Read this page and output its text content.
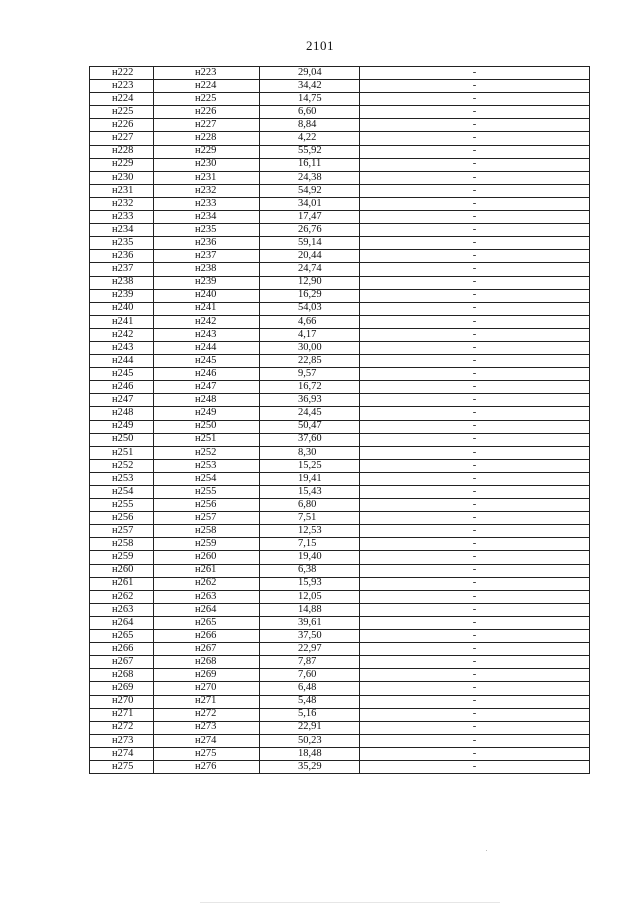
2101
н222	н223	29,04	-
н223	н224	34,42	-
н224	н225	14,75	-
н225	н226	6,60	-
н226	н227	8,84	-
н227	н228	4,22	-
н228	н229	55,92	-
н229	н230	16,11	-
н230	н231	24,38	-
н231	н232	54,92	-
н232	н233	34,01	-
н233	н234	17,47	-
н234	н235	26,76	-
н235	н236	59,14	-
н236	н237	20,44	-
н237	н238	24,74	-
н238	н239	12,90	-
н239	н240	16,29	-
н240	н241	54,03	-
н241	н242	4,66	-
н242	н243	4,17	-
н243	н244	30,00	-
н244	н245	22,85	-
н245	н246	9,57	-
н246	н247	16,72	-
н247	н248	36,93	-
н248	н249	24,45	-
н249	н250	50,47	-
н250	н251	37,60	-
н251	н252	8,30	-
н252	н253	15,25	-
н253	н254	19,41	-
н254	н255	15,43	-
н255	н256	6,80	-
н256	н257	7,51	-
н257	н258	12,53	-
н258	н259	7,15	-
н259	н260	19,40	-
н260	н261	6,38	-
н261	н262	15,93	-
н262	н263	12,05	-
н263	н264	14,88	-
н264	н265	39,61	-
н265	н266	37,50	-
н266	н267	22,97	-
н267	н268	7,87	-
н268	н269	7,60	-
н269	н270	6,48	-
н270	н271	5,48	-
н271	н272	5,16	-
н272	н273	22,91	-
н273	н274	50,23	-
н274	н275	18,48	-
н275	н276	35,29	-
